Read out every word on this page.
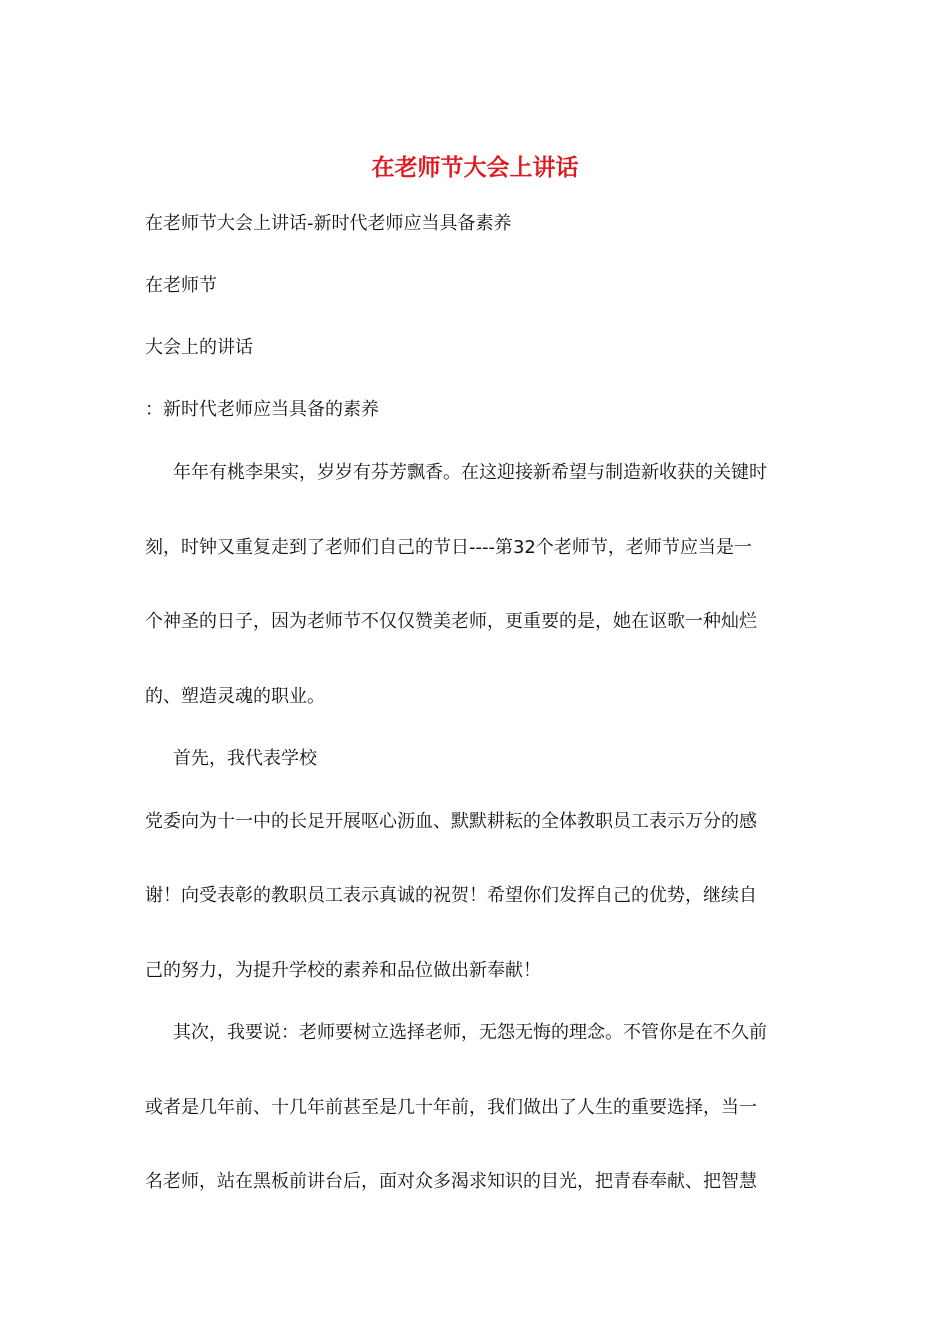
在老师节大会上讲话
在老师节大会上讲话-新时代老师应当具备素养
在老师节
大会上的讲话
：新时代老师应当具备的素养
年年有桃李果实，岁岁有芬芳飘香。在这迎接新希望与制造新收获的关键时
刻，时钟又重复走到了老师们自己的节日----第32个老师节，老师节应当是一
个神圣的日子，因为老师节不仅仅赞美老师，更重要的是，她在讴歌一种灿烂
的、塑造灵魂的职业。
首先，我代表学校
党委向为十一中的长足开展呕心沥血、默默耕耘的全体教职员工表示万分的感
谢！向受表彰的教职员工表示真诚的祝贺！希望你们发挥自己的优势，继续自
己的努力，为提升学校的素养和品位做出新奉献！
其次，我要说：老师要树立选择老师，无怨无悔的理念。不管你是在不久前
或者是几年前、十几年前甚至是几十年前，我们做出了人生的重要选择，当一
名老师，站在黑板前讲台后，面对众多渴求知识的目光，把青春奉献、把智慧
